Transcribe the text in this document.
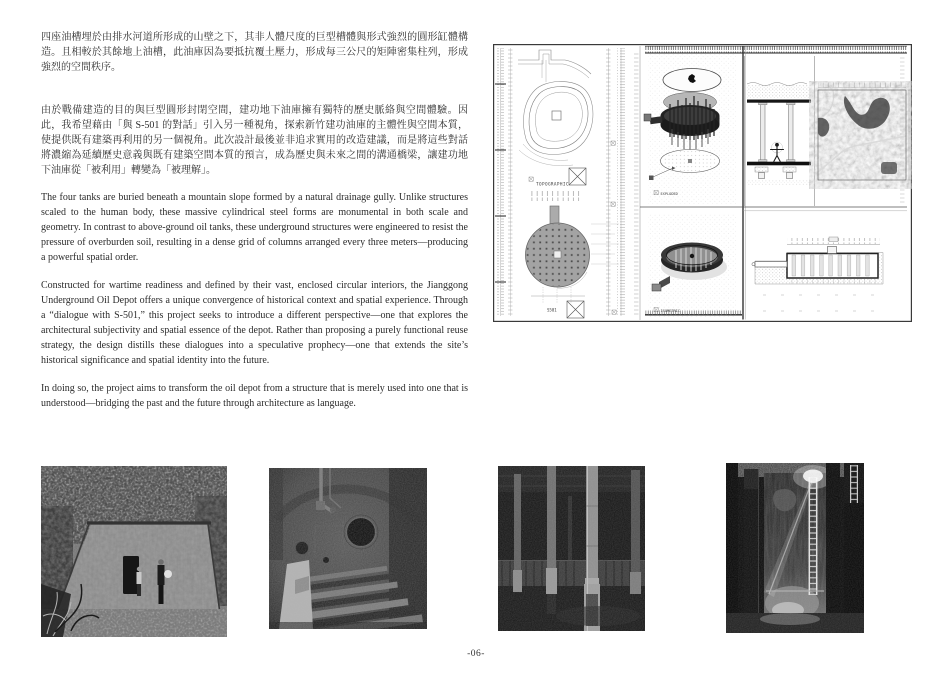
四座油槽埋於由排水河道所形成的山壁之下，其非人體尺度的巨型槽體與形式強烈的圓形缸體構造。且相較於其餘地上油槽，此油庫因為要抵抗覆土壓力，形成每三公尺的矩陣密集柱列，形成強烈的空間秩序。

由於戰備建造的目的與巨型圓形封閉空間，建功地下油庫擁有獨特的歷史脈絡與空間體驗。因此，我希望藉由「與 S-501 的對話」引入另一種視角，探索新竹建功油庫的主體性與空間本質，使提供既有建築再利用的另一個視角。此次設計最後並非追求實用的改造建議，而是將這些對話將濃縮為延續歷史意義與既有建築空間本質的預言，成為歷史與未來之間的溝通橋梁，讓建功地下油庫從「被利用」轉變為「被理解」。

The four tanks are buried beneath a mountain slope formed by a natural drainage gully. Unlike structures scaled to the human body, these massive cylindrical steel forms are monumental in both scale and geometry. In contrast to above-ground oil tanks, these underground structures were engineered to resist the pressure of overburden soil, resulting in a dense grid of columns arranged every three meters—producing a powerful spatial order.

Constructed for wartime readiness and defined by their vast, enclosed circular interiors, the Jianggong Underground Oil Depot offers a unique convergence of historical context and spatial experience. Through a “dialogue with S-501,” this project seeks to introduce a different perspective—one that explores the architectural subjectivity and spatial essence of the depot. Rather than proposing a purely functional reuse strategy, the design distills these dialogues into a speculative prophecy—one that extends the site’s historical significance and spatial identity into the future.

In doing so, the project aims to transform the oil depot from a structure that is merely used into one that is understood—bridging the past and the future through architecture as language.

TOPOGRAPHIC
S501
EXPLODED
ISOMETRIC
-06-
